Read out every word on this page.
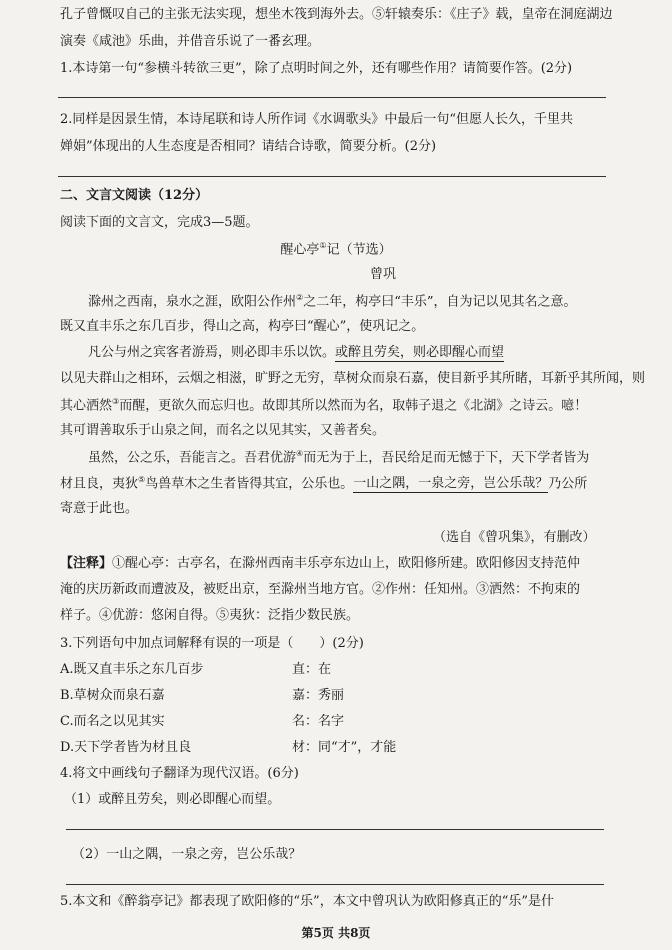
孔子曾慨叹自己的主张无法实现，想坐木筏到海外去。⑤轩辕奏乐：《庄子》载，皇帝在洞庭湖边
演奏《咸池》乐曲，并借音乐说了一番玄理。
1.本诗第一句“参横斗转欲三更”，除了点明时间之外，还有哪些作用？请简要作答。(2分)
2.同样是因景生情，本诗尾联和诗人所作词《水调歌头》中最后一句“但愿人长久，千里共
婵娟”体现出的人生态度是否相同？请结合诗歌，简要分析。(2分)
二、文言文阅读（12分）
阅读下面的文言文，完成3—5题。
醒心亭①记（节选）
曾巩
滁州之西南，泉水之涯，欧阳公作州②之二年，构亭曰“丰乐”，自为记以见其名之意。
既又直丰乐之东几百步，得山之高，构亭曰“醒心”，使巩记之。
凡公与州之宾客者游焉，则必即丰乐以饮。或醉且劳矣，则必即醒心而望
以见夫群山之相环，云烟之相滋，旷野之无穷，草树众而泉石嘉，使目新乎其所睹，耳新乎其所闻，则
其心洒然③而醒，更欲久而忘归也。故即其所以然而为名，取韩子退之《北湖》之诗云。噫！
其可谓善取乐于山泉之间，而名之以见其实，又善者矣。
虽然，公之乐，吾能言之。吾君优游④而无为于上，吾民给足而无憾于下，天下学者皆为
材且良，夷狄⑤鸟兽草木之生者皆得其宜，公乐也。一山之隅，一泉之旁，岂公乐哉？乃公所
寄意于此也。
（选自《曾巩集》，有删改）
【注释】①醒心亭：古亭名，在滁州西南丰乐亭东边山上，欧阳修所建。欧阳修因支持范仲
淹的庆历新政而遭波及，被贬出京，至滁州当地方官。②作州：任知州。③洒然：不拘束的
样子。④优游：悠闲自得。⑤夷狄：泛指少数民族。
3.下列语句中加点词解释有误的一项是（　　）(2分)
A.既又直丰乐之东几百步	直：在
B.草树众而泉石嘉	嘉：秀丽
C.而名之以见其实	名：名字
D.天下学者皆为材且良	材：同“才”，才能
4.将文中画线句子翻译为现代汉语。(6分)
（1）或醉且劳矣，则必即醒心而望。
（2）一山之隅，一泉之旁，岂公乐哉？
5.本文和《醉翁亭记》都表现了欧阳修的“乐”，本文中曾巩认为欧阳修真正的“乐”是什
第5页 共8页
